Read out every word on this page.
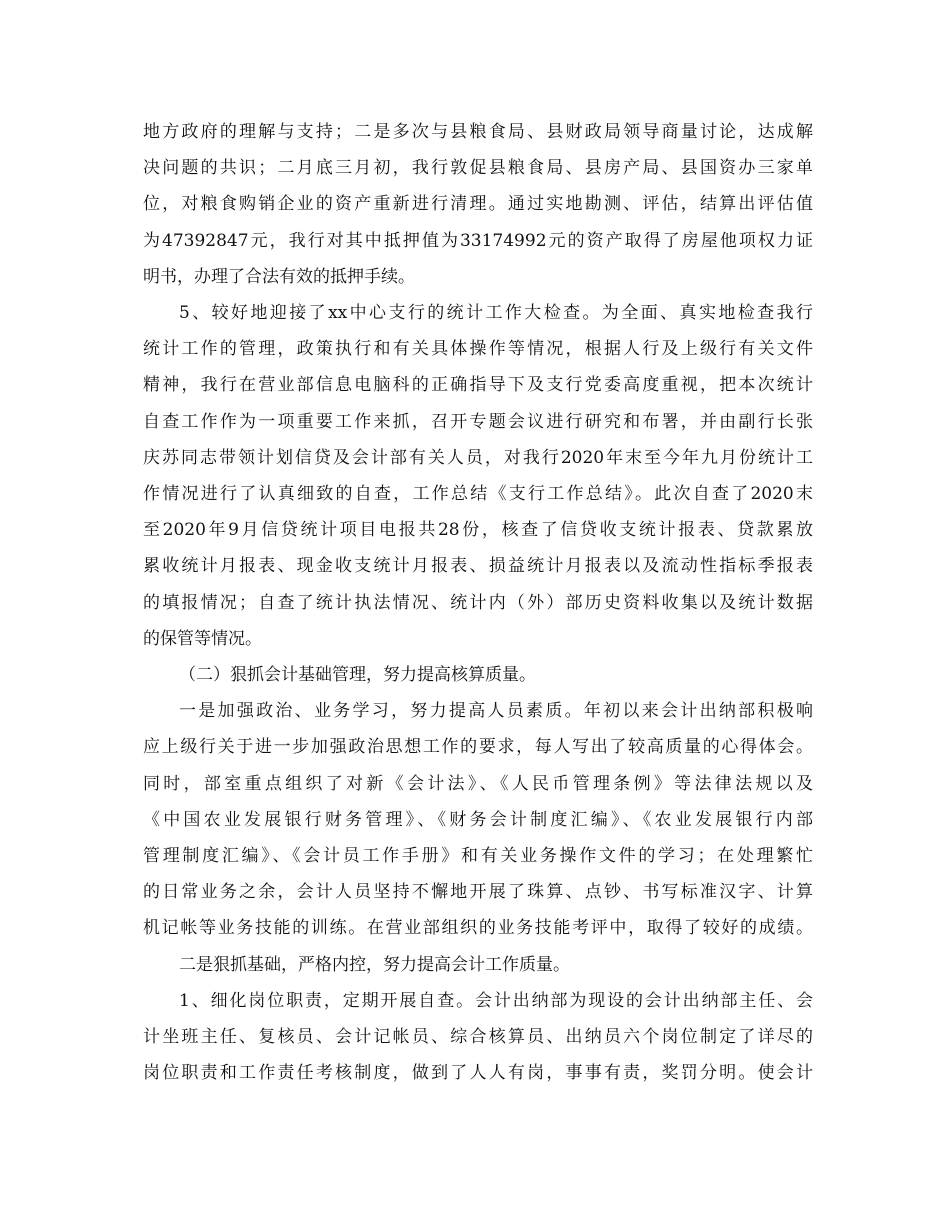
地方政府的理解与支持；二是多次与县粮食局、县财政局领导商量讨论，达成解
决问题的共识；二月底三月初，我行敦促县粮食局、县房产局、县国资办三家单
位，对粮食购销企业的资产重新进行清理。通过实地勘测、评估，结算出评估值
为47392847元，我行对其中抵押值为33174992元的资产取得了房屋他项权力证
明书，办理了合法有效的抵押手续。

5、较好地迎接了xx中心支行的统计工作大检查。为全面、真实地检查我行
统计工作的管理，政策执行和有关具体操作等情况，根据人行及上级行有关文件
精神，我行在营业部信息电脑科的正确指导下及支行党委高度重视，把本次统计
自查工作作为一项重要工作来抓，召开专题会议进行研究和布署，并由副行长张
庆苏同志带领计划信贷及会计部有关人员，对我行2020年末至今年九月份统计工
作情况进行了认真细致的自查，工作总结《支行工作总结》。此次自查了2020末
至2020年9月信贷统计项目电报共28份，核查了信贷收支统计报表、贷款累放
累收统计月报表、现金收支统计月报表、损益统计月报表以及流动性指标季报表
的填报情况；自查了统计执法情况、统计内（外）部历史资料收集以及统计数据
的保管等情况。

（二）狠抓会计基础管理，努力提高核算质量。

一是加强政治、业务学习，努力提高人员素质。年初以来会计出纳部积极响
应上级行关于进一步加强政治思想工作的要求，每人写出了较高质量的心得体会。
同时，部室重点组织了对新《会计法》、《人民币管理条例》等法律法规以及
《中国农业发展银行财务管理》、《财务会计制度汇编》、《农业发展银行内部
管理制度汇编》、《会计员工作手册》和有关业务操作文件的学习；在处理繁忙
的日常业务之余，会计人员坚持不懈地开展了珠算、点钞、书写标准汉字、计算
机记帐等业务技能的训练。在营业部组织的业务技能考评中，取得了较好的成绩。

二是狠抓基础，严格内控，努力提高会计工作质量。

1、细化岗位职责，定期开展自查。会计出纳部为现设的会计出纳部主任、会
计坐班主任、复核员、会计记帐员、综合核算员、出纳员六个岗位制定了详尽的
岗位职责和工作责任考核制度，做到了人人有岗，事事有责，奖罚分明。使会计
